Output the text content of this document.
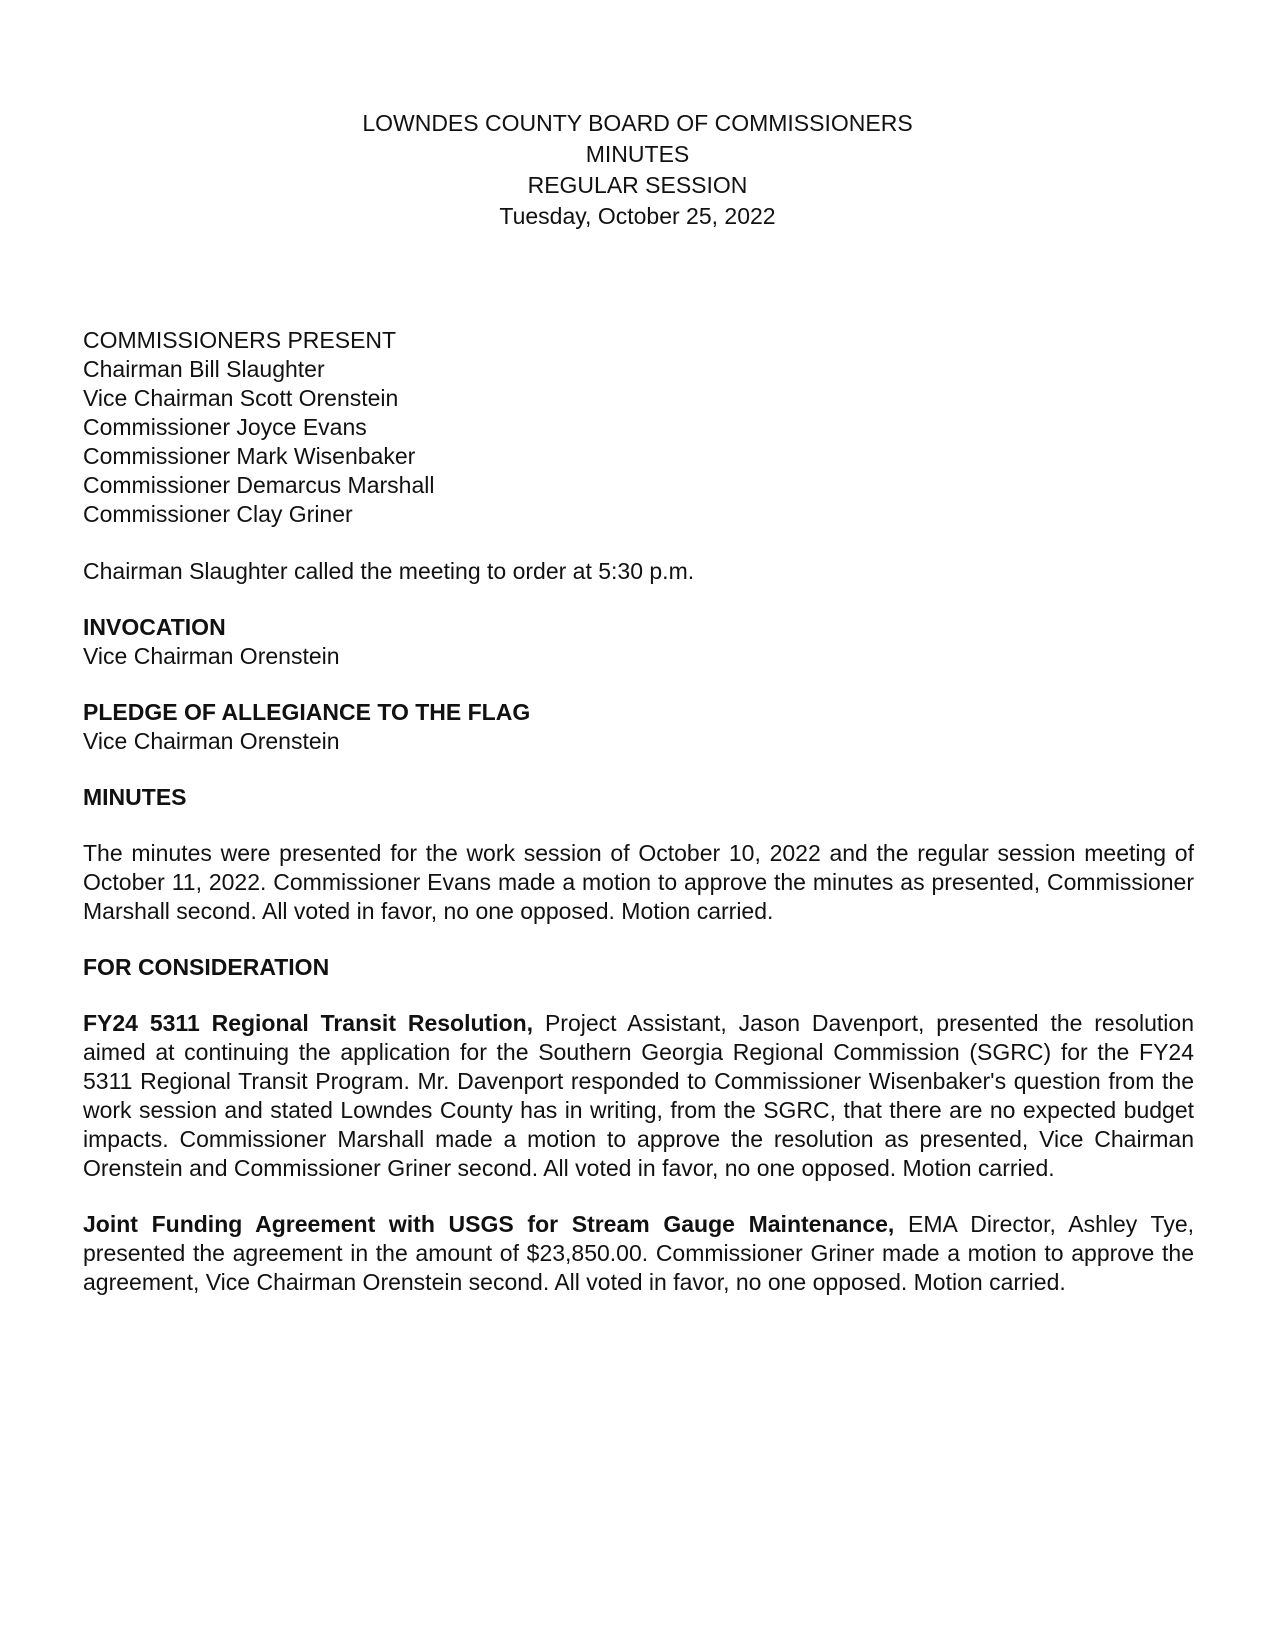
LOWNDES COUNTY BOARD OF COMMISSIONERS
MINUTES
REGULAR SESSION
Tuesday, October 25, 2022
COMMISSIONERS PRESENT
Chairman Bill Slaughter
Vice Chairman Scott Orenstein
Commissioner Joyce Evans
Commissioner Mark Wisenbaker
Commissioner Demarcus Marshall
Commissioner Clay Griner

Chairman Slaughter called the meeting to order at 5:30 p.m.

INVOCATION

Vice Chairman Orenstein

PLEDGE OF ALLEGIANCE TO THE FLAG

Vice Chairman Orenstein

MINUTES

The minutes were presented for the work session of October 10, 2022 and the regular session meeting of October 11, 2022. Commissioner Evans made a motion to approve the minutes as presented, Commissioner Marshall second. All voted in favor, no one opposed. Motion carried.

FOR CONSIDERATION

FY24 5311 Regional Transit Resolution, Project Assistant, Jason Davenport, presented the resolution aimed at continuing the application for the Southern Georgia Regional Commission (SGRC) for the FY24 5311 Regional Transit Program. Mr. Davenport responded to Commissioner Wisenbaker's question from the work session and stated Lowndes County has in writing, from the SGRC, that there are no expected budget impacts. Commissioner Marshall made a motion to approve the resolution as presented, Vice Chairman Orenstein and Commissioner Griner second. All voted in favor, no one opposed. Motion carried.

Joint Funding Agreement with USGS for Stream Gauge Maintenance, EMA Director, Ashley Tye, presented the agreement in the amount of $23,850.00. Commissioner Griner made a motion to approve the agreement, Vice Chairman Orenstein second. All voted in favor, no one opposed. Motion carried.
